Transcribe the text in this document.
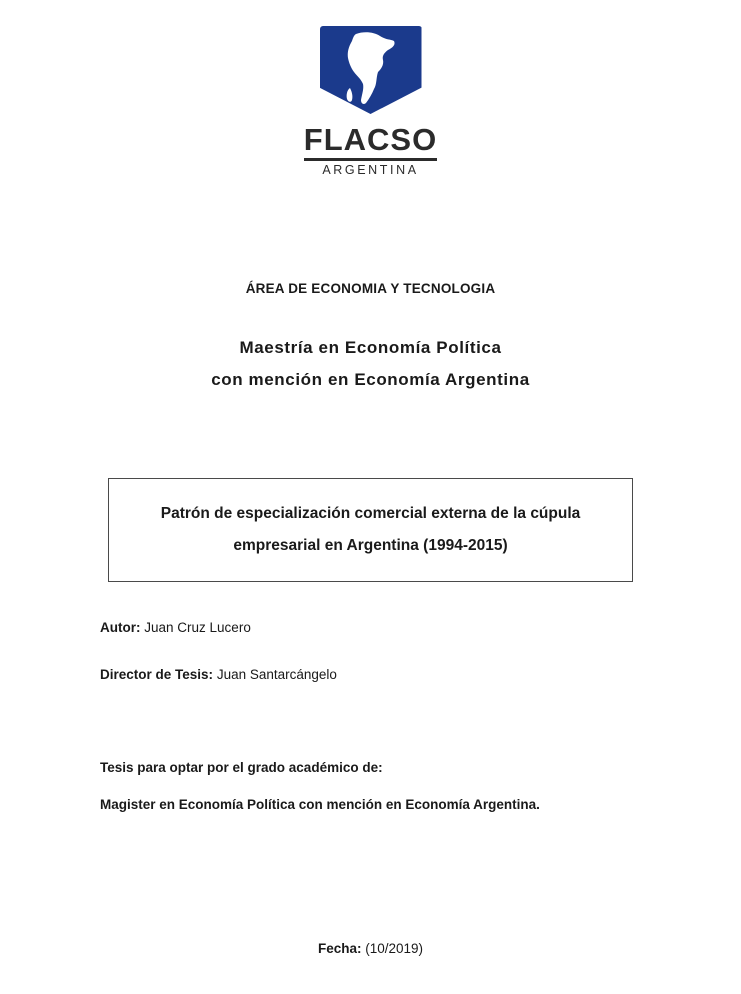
FLACSO
ARGENTINA
ÁREA DE ECONOMIA Y TECNOLOGIA
Maestría en Economía Política
con mención en Economía Argentina
Patrón de especialización comercial externa de la cúpula
empresarial en Argentina (1994-2015)
Autor: Juan Cruz Lucero
Director de Tesis: Juan Santarcángelo
Tesis para optar por el grado académico de:
Magister en Economía Política con mención en Economía Argentina.
Fecha: (10/2019)
